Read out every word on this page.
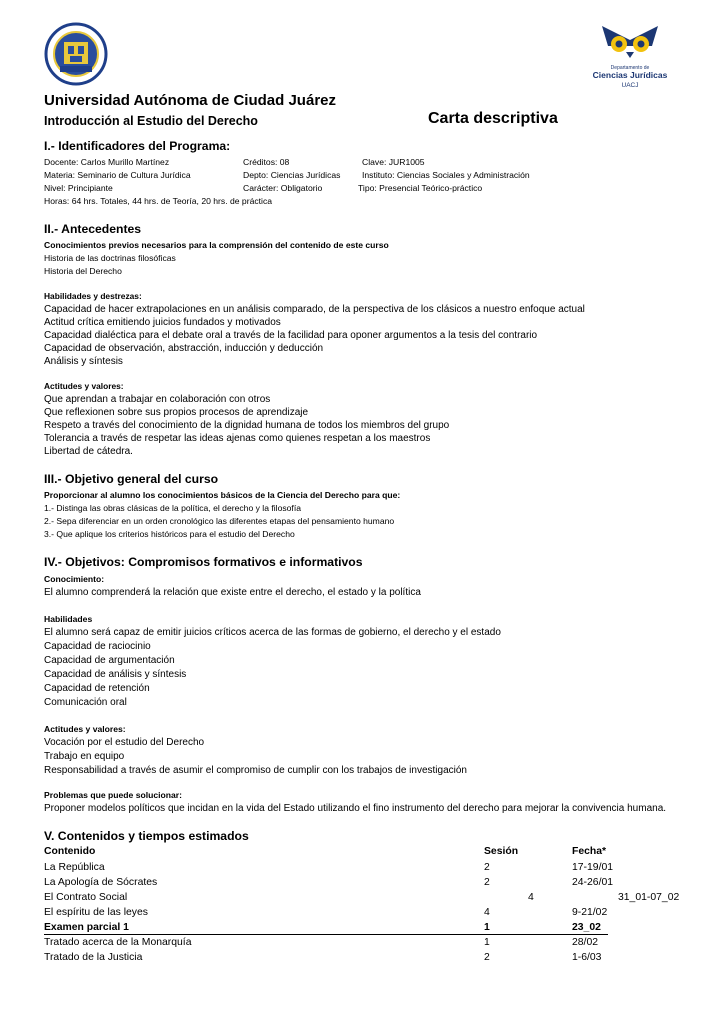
Departamento de
Ciencias Jurídicas
UACJ
Universidad Autónoma de Ciudad Juárez
Introducción al Estudio del Derecho	Carta descriptiva
I.- Identificadores del Programa:
Docente: Carlos Murillo Martínez	Créditos: 08	Clave: JUR1005
Materia: Seminario de Cultura Jurídica	Depto: Ciencias Jurídicas	Instituto: Ciencias Sociales y Administración
Nivel: Principiante	Carácter: Obligatorio	Tipo: Presencial Teórico-práctico
Horas: 64 hrs. Totales, 44 hrs. de Teoría, 20 hrs. de práctica
II.- Antecedentes
Conocimientos previos necesarios para la comprensión del contenido de este curso
Historia de las doctrinas filosóficas
Historia del Derecho
Habilidades y destrezas:
Capacidad de hacer extrapolaciones en un análisis comparado, de la perspectiva de los clásicos a nuestro enfoque actual
Actitud crítica emitiendo juicios fundados y motivados
Capacidad dialéctica para el debate oral a través de la facilidad para oponer argumentos a la tesis del contrario
Capacidad de observación, abstracción, inducción y deducción
Análisis y síntesis
Actitudes y valores:
Que aprendan a trabajar en colaboración con otros
Que reflexionen sobre sus propios procesos de aprendizaje
Respeto a través del conocimiento de la dignidad humana de todos los miembros del grupo
Tolerancia a través de respetar las ideas ajenas como quienes respetan a los maestros
Libertad de cátedra.
III.- Objetivo general del curso
Proporcionar al alumno los conocimientos básicos de la Ciencia del Derecho para que:
1.- Distinga las obras clásicas de la política, el derecho y la filosofía
2.- Sepa diferenciar en un orden cronológico las diferentes etapas del pensamiento humano
3.- Que aplique los criterios históricos para el estudio del Derecho
IV.- Objetivos: Compromisos formativos e informativos
Conocimiento:
El alumno comprenderá la relación que existe entre el derecho, el estado y la política
Habilidades
El alumno será capaz de emitir juicios críticos acerca de las formas de gobierno, el derecho y el estado
Capacidad de raciocinio
Capacidad de argumentación
Capacidad de análisis y síntesis
Capacidad de retención
Comunicación oral
Actitudes y valores:
Vocación por el estudio del Derecho
Trabajo en equipo
Responsabilidad a través de asumir el compromiso de cumplir con los trabajos de investigación
Problemas que puede solucionar:
Proponer modelos políticos que incidan en la vida del Estado utilizando el fino instrumento del derecho para mejorar la convivencia humana.
V. Contenidos y tiempos estimados
Contenido	Sesión	Fecha*
La República	2	17-19/01
La Apología de Sócrates	2	24-26/01
El Contrato Social	4	31_01-07_02
El espíritu de las leyes	4	9-21/02
Examen parcial 1	1	23_02
Tratado acerca de la Monarquía	1	28/02
Tratado de la Justicia	2	1-6/03
